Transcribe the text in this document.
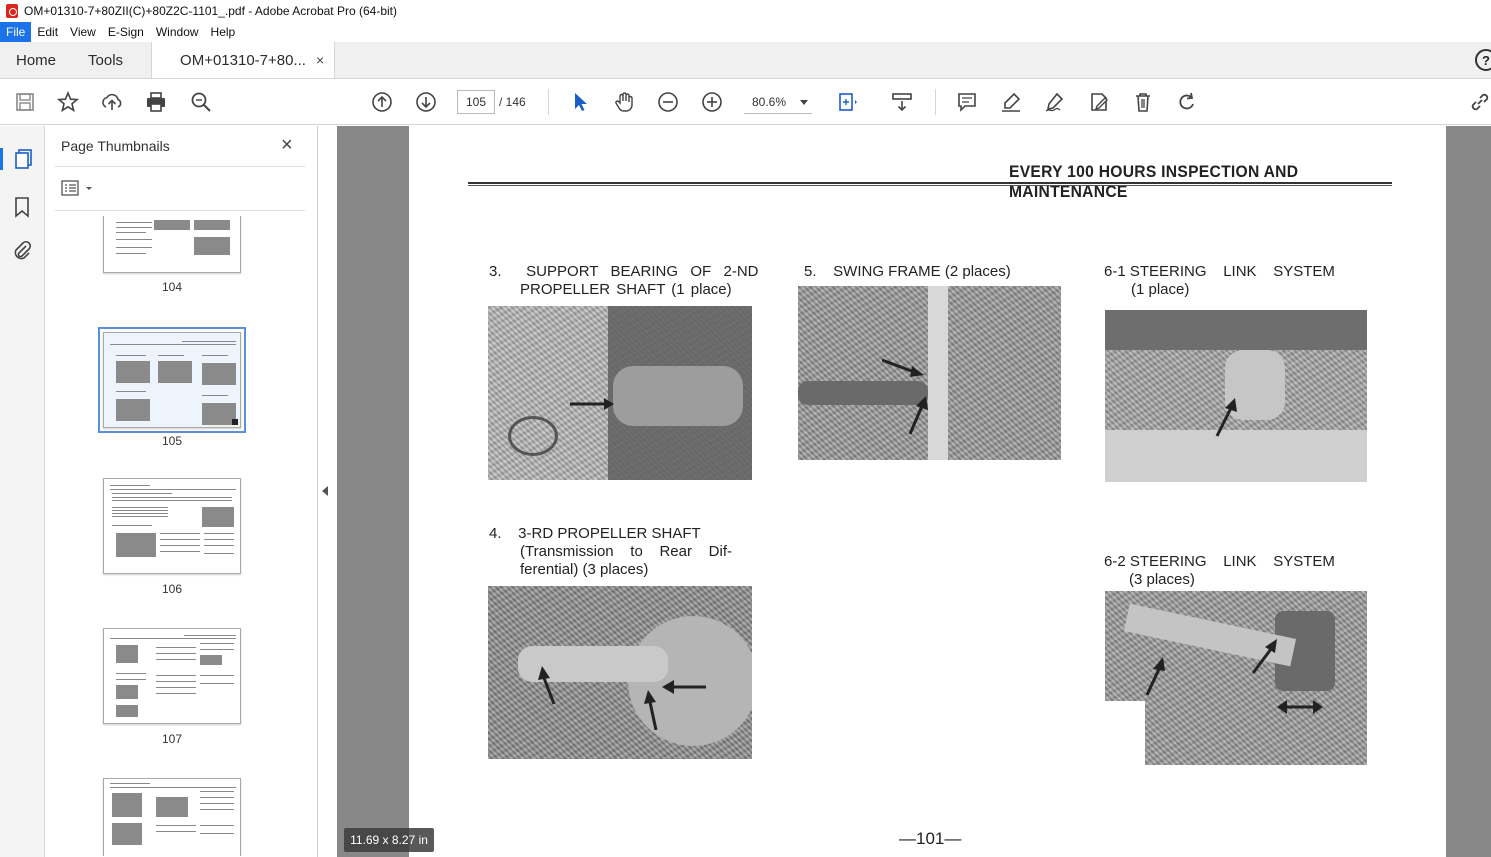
OM+01310-7+80ZII(C)+80Z2C-1101_.pdf - Adobe Acrobat Pro (64-bit)
File	Edit	View	E-Sign	Window	Help
Home	Tools	OM+01310-7+80... ×	?
105	/ 146	80.6%
Page Thumbnails	×
104
105
106
107
EVERY 100 HOURS INSPECTION AND MAINTENANCE
3.    SUPPORT  BEARING  OF  2-ND
PROPELLER SHAFT (1 place)
5.    SWING FRAME (2 places)	6-1 STEERING    LINK    SYSTEM
(1 place)
4.    3-RD PROPELLER SHAFT
(Transmission    to    Rear    Dif-
ferential) (3 places)	6-2 STEERING    LINK    SYSTEM
(3 places)
—101—
11.69 x 8.27 in
